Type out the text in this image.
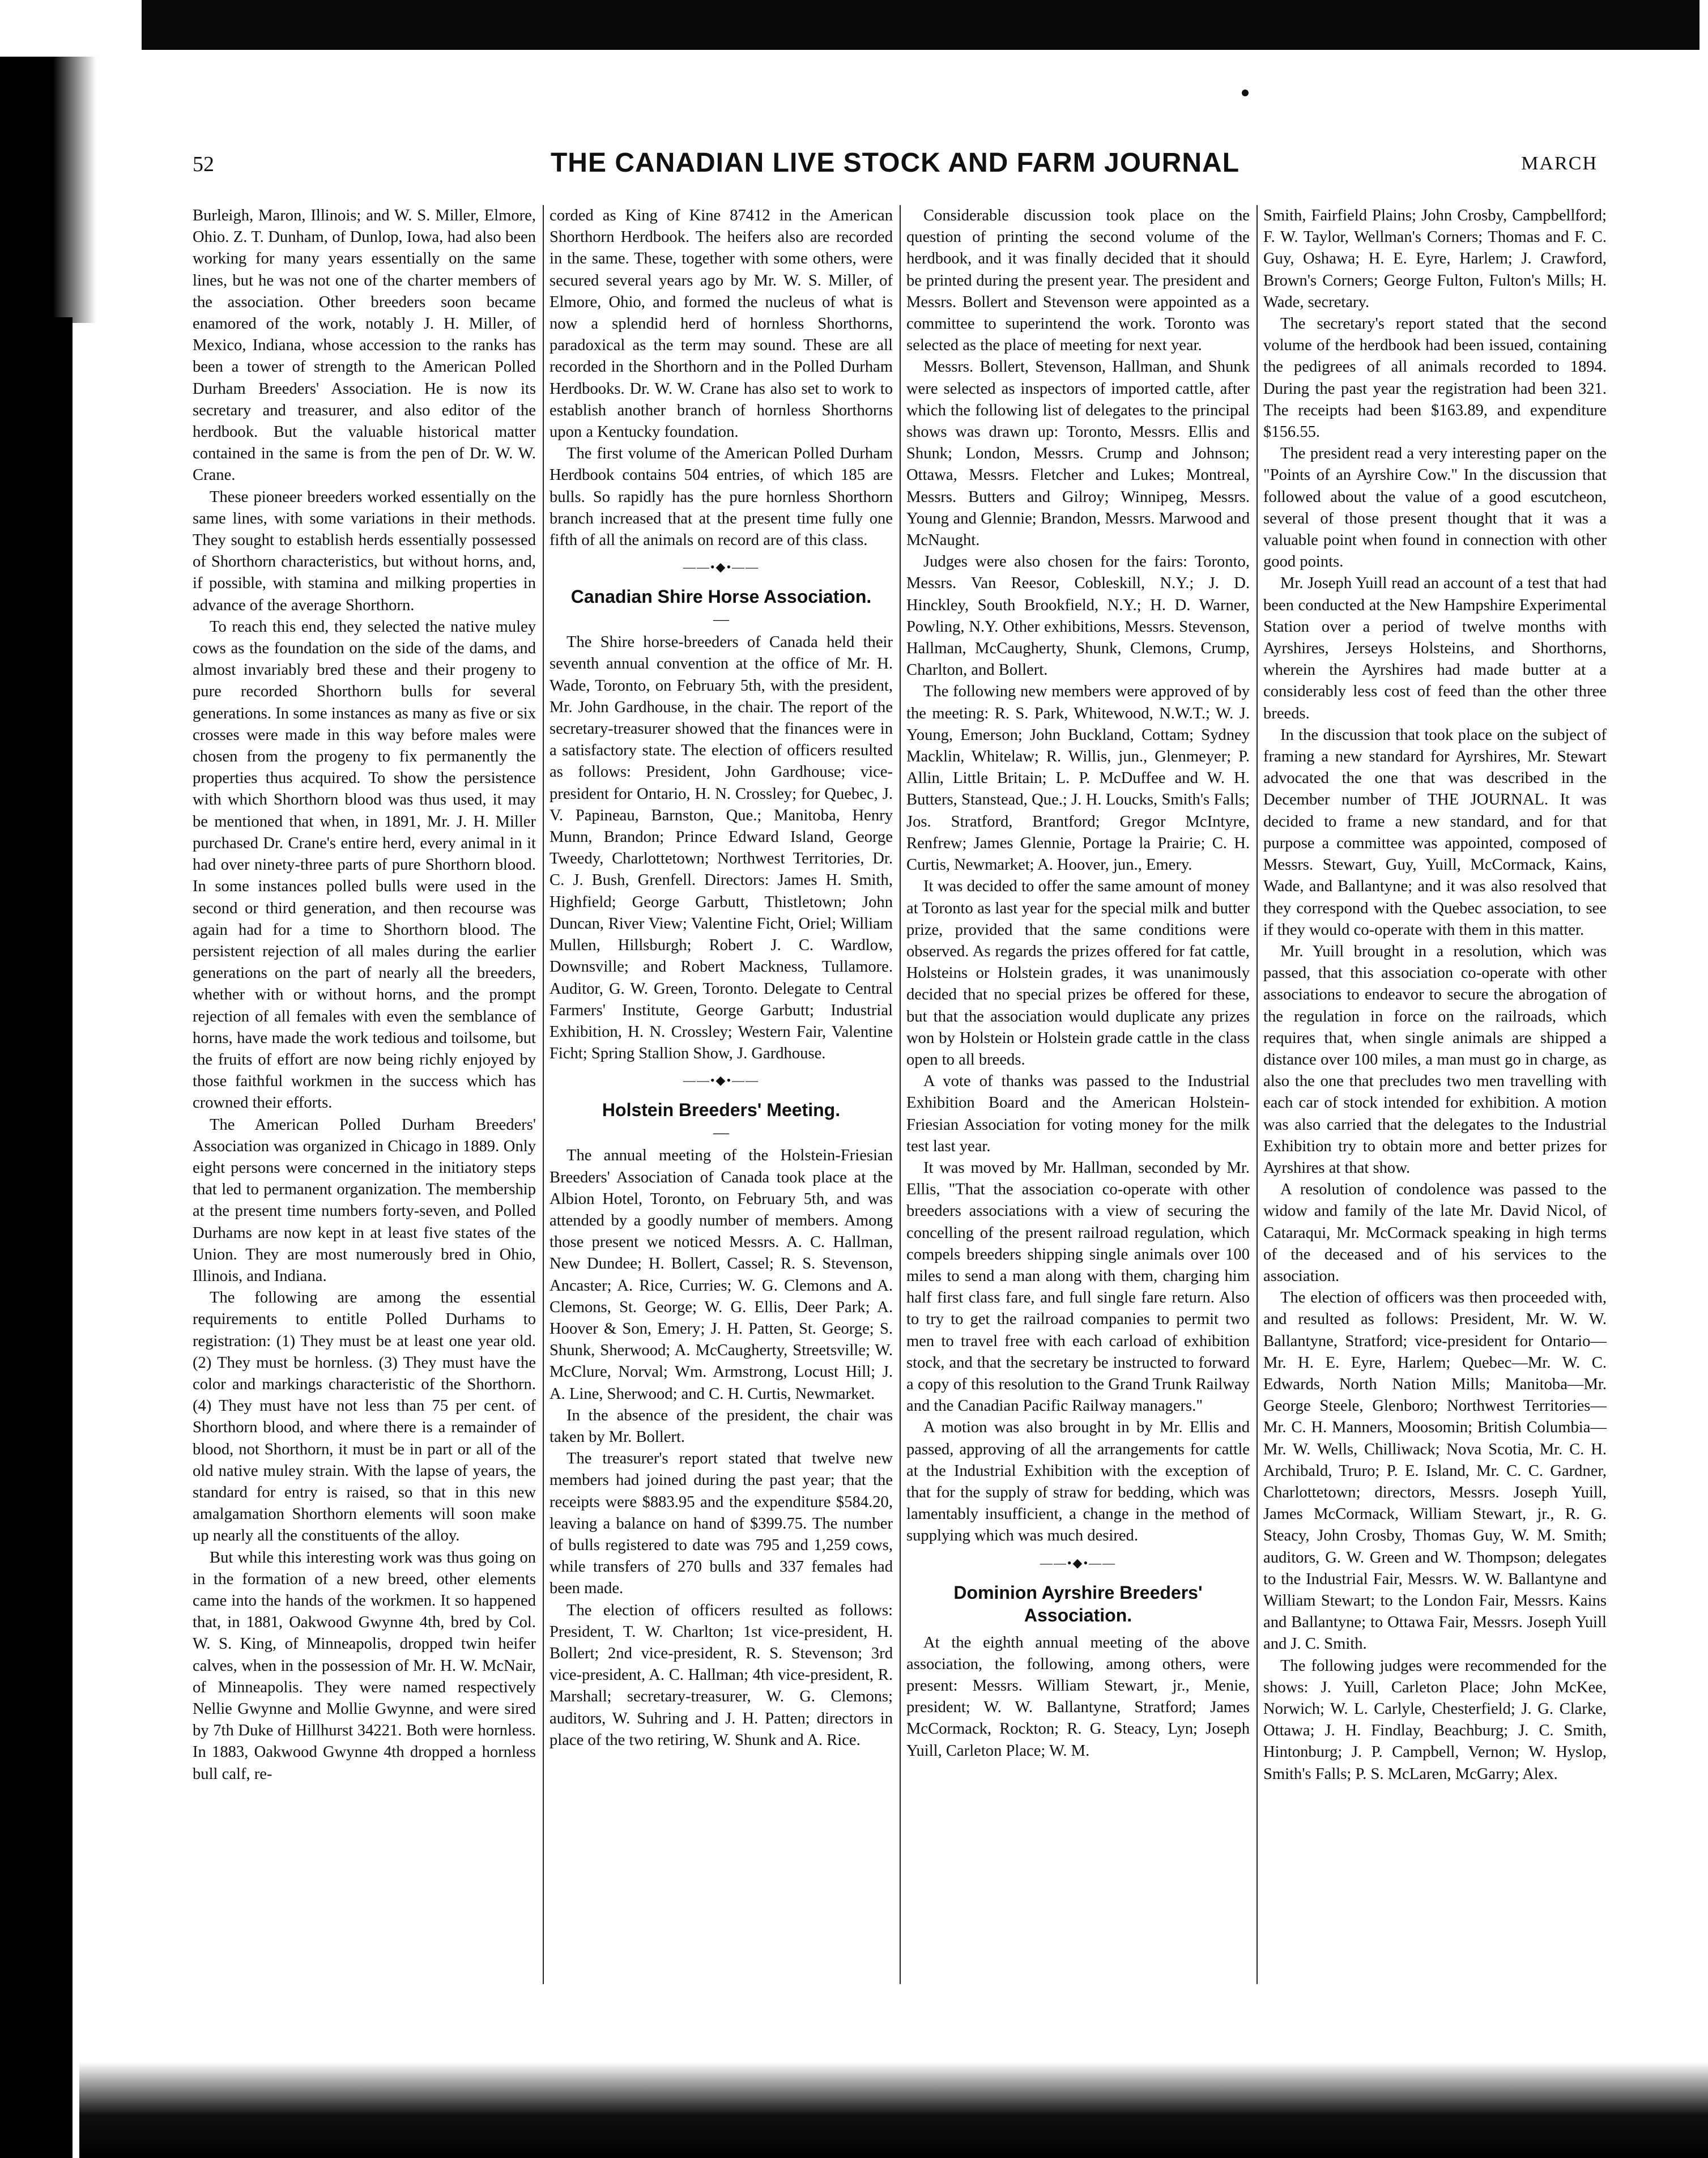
52	THE CANADIAN LIVE STOCK AND FARM JOURNAL	MARCH

Burleigh, Maron, Illinois; and W. S. Miller, Elmore, Ohio. Z. T. Dunham, of Dunlop, Iowa, had also been working for many years essentially on the same lines, but he was not one of the charter members of the association. Other breeders soon became enamored of the work, notably J. H. Miller, of Mexico, Indiana, whose accession to the ranks has been a tower of strength to the American Polled Durham Breeders' Association. He is now its secretary and treasurer, and also editor of the herdbook. But the valuable historical matter contained in the same is from the pen of Dr. W. W. Crane.

These pioneer breeders worked essentially on the same lines, with some variations in their methods. They sought to establish herds essentially possessed of Shorthorn characteristics, but without horns, and, if possible, with stamina and milking properties in advance of the average Shorthorn.

To reach this end, they selected the native muley cows as the foundation on the side of the dams, and almost invariably bred these and their progeny to pure recorded Shorthorn bulls for several generations. In some instances as many as five or six crosses were made in this way before males were chosen from the progeny to fix permanently the properties thus acquired. To show the persistence with which Shorthorn blood was thus used, it may be mentioned that when, in 1891, Mr. J. H. Miller purchased Dr. Crane's entire herd, every animal in it had over ninety-three parts of pure Shorthorn blood. In some instances polled bulls were used in the second or third generation, and then recourse was again had for a time to Shorthorn blood. The persistent rejection of all males during the earlier generations on the part of nearly all the breeders, whether with or without horns, and the prompt rejection of all females with even the semblance of horns, have made the work tedious and toilsome, but the fruits of effort are now being richly enjoyed by those faithful workmen in the success which has crowned their efforts.

The American Polled Durham Breeders' Association was organized in Chicago in 1889. Only eight persons were concerned in the initiatory steps that led to permanent organization. The membership at the present time numbers forty-seven, and Polled Durhams are now kept in at least five states of the Union. They are most numerously bred in Ohio, Illinois, and Indiana.

The following are among the essential requirements to entitle Polled Durhams to registration: (1) They must be at least one year old. (2) They must be hornless. (3) They must have the color and markings characteristic of the Shorthorn. (4) They must have not less than 75 per cent. of Shorthorn blood, and where there is a remainder of blood, not Shorthorn, it must be in part or all of the old native muley strain. With the lapse of years, the standard for entry is raised, so that in this new amalgamation Shorthorn elements will soon make up nearly all the constituents of the alloy.

But while this interesting work was thus going on in the formation of a new breed, other elements came into the hands of the workmen. It so happened that, in 1881, Oakwood Gwynne 4th, bred by Col. W. S. King, of Minneapolis, dropped twin heifer calves, when in the possession of Mr. H. W. McNair, of Minneapolis. They were named respectively Nellie Gwynne and Mollie Gwynne, and were sired by 7th Duke of Hillhurst 34221. Both were hornless. In 1883, Oakwood Gwynne 4th dropped a hornless bull calf, re-

corded as King of Kine 87412 in the American Shorthorn Herdbook. The heifers also are recorded in the same. These, together with some others, were secured several years ago by Mr. W. S. Miller, of Elmore, Ohio, and formed the nucleus of what is now a splendid herd of hornless Shorthorns, paradoxical as the term may sound. These are all recorded in the Shorthorn and in the Polled Durham Herdbooks. Dr. W. W. Crane has also set to work to establish another branch of hornless Shorthorns upon a Kentucky foundation.

The first volume of the American Polled Durham Herdbook contains 504 entries, of which 185 are bulls. So rapidly has the pure hornless Shorthorn branch increased that at the present time fully one fifth of all the animals on record are of this class.

——•◆•——
Canadian Shire Horse Association.
—

The Shire horse-breeders of Canada held their seventh annual convention at the office of Mr. H. Wade, Toronto, on February 5th, with the president, Mr. John Gardhouse, in the chair. The report of the secretary-treasurer showed that the finances were in a satisfactory state. The election of officers resulted as follows: President, John Gardhouse; vice-president for Ontario, H. N. Crossley; for Quebec, J. V. Papineau, Barnston, Que.; Manitoba, Henry Munn, Brandon; Prince Edward Island, George Tweedy, Charlottetown; Northwest Territories, Dr. C. J. Bush, Grenfell. Directors: James H. Smith, Highfield; George Garbutt, Thistletown; John Duncan, River View; Valentine Ficht, Oriel; William Mullen, Hillsburgh; Robert J. C. Wardlow, Downsville; and Robert Mackness, Tullamore. Auditor, G. W. Green, Toronto. Delegate to Central Farmers' Institute, George Garbutt; Industrial Exhibition, H. N. Crossley; Western Fair, Valentine Ficht; Spring Stallion Show, J. Gardhouse.

——•◆•——
Holstein Breeders' Meeting.
—

The annual meeting of the Holstein-Friesian Breeders' Association of Canada took place at the Albion Hotel, Toronto, on February 5th, and was attended by a goodly number of members. Among those present we noticed Messrs. A. C. Hallman, New Dundee; H. Bollert, Cassel; R. S. Stevenson, Ancaster; A. Rice, Curries; W. G. Clemons and A. Clemons, St. George; W. G. Ellis, Deer Park; A. Hoover & Son, Emery; J. H. Patten, St. George; S. Shunk, Sherwood; A. McCaugherty, Streetsville; W. McClure, Norval; Wm. Armstrong, Locust Hill; J. A. Line, Sherwood; and C. H. Curtis, Newmarket.

In the absence of the president, the chair was taken by Mr. Bollert.

The treasurer's report stated that twelve new members had joined during the past year; that the receipts were $883.95 and the expenditure $584.20, leaving a balance on hand of $399.75. The number of bulls registered to date was 795 and 1,259 cows, while transfers of 270 bulls and 337 females had been made.

The election of officers resulted as follows: President, T. W. Charlton; 1st vice-president, H. Bollert; 2nd vice-president, R. S. Stevenson; 3rd vice-president, A. C. Hallman; 4th vice-president, R. Marshall; secretary-treasurer, W. G. Clemons; auditors, W. Suhring and J. H. Patten; directors in place of the two retiring, W. Shunk and A. Rice.

Considerable discussion took place on the question of printing the second volume of the herdbook, and it was finally decided that it should be printed during the present year. The president and Messrs. Bollert and Stevenson were appointed as a committee to superintend the work. Toronto was selected as the place of meeting for next year.

Messrs. Bollert, Stevenson, Hallman, and Shunk were selected as inspectors of imported cattle, after which the following list of delegates to the principal shows was drawn up: Toronto, Messrs. Ellis and Shunk; London, Messrs. Crump and Johnson; Ottawa, Messrs. Fletcher and Lukes; Montreal, Messrs. Butters and Gilroy; Winnipeg, Messrs. Young and Glennie; Brandon, Messrs. Marwood and McNaught.

Judges were also chosen for the fairs: Toronto, Messrs. Van Reesor, Cobleskill, N.Y.; J. D. Hinckley, South Brookfield, N.Y.; H. D. Warner, Powling, N.Y. Other exhibitions, Messrs. Stevenson, Hallman, McCaugherty, Shunk, Clemons, Crump, Charlton, and Bollert.

The following new members were approved of by the meeting: R. S. Park, Whitewood, N.W.T.; W. J. Young, Emerson; John Buckland, Cottam; Sydney Macklin, Whitelaw; R. Willis, jun., Glenmeyer; P. Allin, Little Britain; L. P. McDuffee and W. H. Butters, Stanstead, Que.; J. H. Loucks, Smith's Falls; Jos. Stratford, Brantford; Gregor McIntyre, Renfrew; James Glennie, Portage la Prairie; C. H. Curtis, Newmarket; A. Hoover, jun., Emery.

It was decided to offer the same amount of money at Toronto as last year for the special milk and butter prize, provided that the same conditions were observed. As regards the prizes offered for fat cattle, Holsteins or Holstein grades, it was unanimously decided that no special prizes be offered for these, but that the association would duplicate any prizes won by Holstein or Holstein grade cattle in the class open to all breeds.

A vote of thanks was passed to the Industrial Exhibition Board and the American Holstein-Friesian Association for voting money for the milk test last year.

It was moved by Mr. Hallman, seconded by Mr. Ellis, "That the association co-operate with other breeders associations with a view of securing the concelling of the present railroad regulation, which compels breeders shipping single animals over 100 miles to send a man along with them, charging him half first class fare, and full single fare return. Also to try to get the railroad companies to permit two men to travel free with each carload of exhibition stock, and that the secretary be instructed to forward a copy of this resolution to the Grand Trunk Railway and the Canadian Pacific Railway managers."

A motion was also brought in by Mr. Ellis and passed, approving of all the arrangements for cattle at the Industrial Exhibition with the exception of that for the supply of straw for bedding, which was lamentably insufficient, a change in the method of supplying which was much desired.

——•◆•——
Dominion Ayrshire Breeders' Association.

At the eighth annual meeting of the above association, the following, among others, were present: Messrs. William Stewart, jr., Menie, president; W. W. Ballantyne, Stratford; James McCormack, Rockton; R. G. Steacy, Lyn; Joseph Yuill, Carleton Place; W. M.

Smith, Fairfield Plains; John Crosby, Campbellford; F. W. Taylor, Wellman's Corners; Thomas and F. C. Guy, Oshawa; H. E. Eyre, Harlem; J. Crawford, Brown's Corners; George Fulton, Fulton's Mills; H. Wade, secretary.

The secretary's report stated that the second volume of the herdbook had been issued, containing the pedigrees of all animals recorded to 1894. During the past year the registration had been 321. The receipts had been $163.89, and expenditure $156.55.

The president read a very interesting paper on the "Points of an Ayrshire Cow." In the discussion that followed about the value of a good escutcheon, several of those present thought that it was a valuable point when found in connection with other good points.

Mr. Joseph Yuill read an account of a test that had been conducted at the New Hampshire Experimental Station over a period of twelve months with Ayrshires, Jerseys Holsteins, and Shorthorns, wherein the Ayrshires had made butter at a considerably less cost of feed than the other three breeds.

In the discussion that took place on the subject of framing a new standard for Ayrshires, Mr. Stewart advocated the one that was described in the December number of THE JOURNAL. It was decided to frame a new standard, and for that purpose a committee was appointed, composed of Messrs. Stewart, Guy, Yuill, McCormack, Kains, Wade, and Ballantyne; and it was also resolved that they correspond with the Quebec association, to see if they would co-operate with them in this matter.

Mr. Yuill brought in a resolution, which was passed, that this association co-operate with other associations to endeavor to secure the abrogation of the regulation in force on the railroads, which requires that, when single animals are shipped a distance over 100 miles, a man must go in charge, as also the one that precludes two men travelling with each car of stock intended for exhibition. A motion was also carried that the delegates to the Industrial Exhibition try to obtain more and better prizes for Ayrshires at that show.

A resolution of condolence was passed to the widow and family of the late Mr. David Nicol, of Cataraqui, Mr. McCormack speaking in high terms of the deceased and of his services to the association.

The election of officers was then proceeded with, and resulted as follows: President, Mr. W. W. Ballantyne, Stratford; vice-president for Ontario—Mr. H. E. Eyre, Harlem; Quebec—Mr. W. C. Edwards, North Nation Mills; Manitoba—Mr. George Steele, Glenboro; Northwest Territories—Mr. C. H. Manners, Moosomin; British Columbia—Mr. W. Wells, Chilliwack; Nova Scotia, Mr. C. H. Archibald, Truro; P. E. Island, Mr. C. C. Gardner, Charlottetown; directors, Messrs. Joseph Yuill, James McCormack, William Stewart, jr., R. G. Steacy, John Crosby, Thomas Guy, W. M. Smith; auditors, G. W. Green and W. Thompson; delegates to the Industrial Fair, Messrs. W. W. Ballantyne and William Stewart; to the London Fair, Messrs. Kains and Ballantyne; to Ottawa Fair, Messrs. Joseph Yuill and J. C. Smith.

The following judges were recommended for the shows: J. Yuill, Carleton Place; John McKee, Norwich; W. L. Carlyle, Chesterfield; J. G. Clarke, Ottawa; J. H. Findlay, Beachburg; J. C. Smith, Hintonburg; J. P. Campbell, Vernon; W. Hyslop, Smith's Falls; P. S. McLaren, McGarry; Alex.
